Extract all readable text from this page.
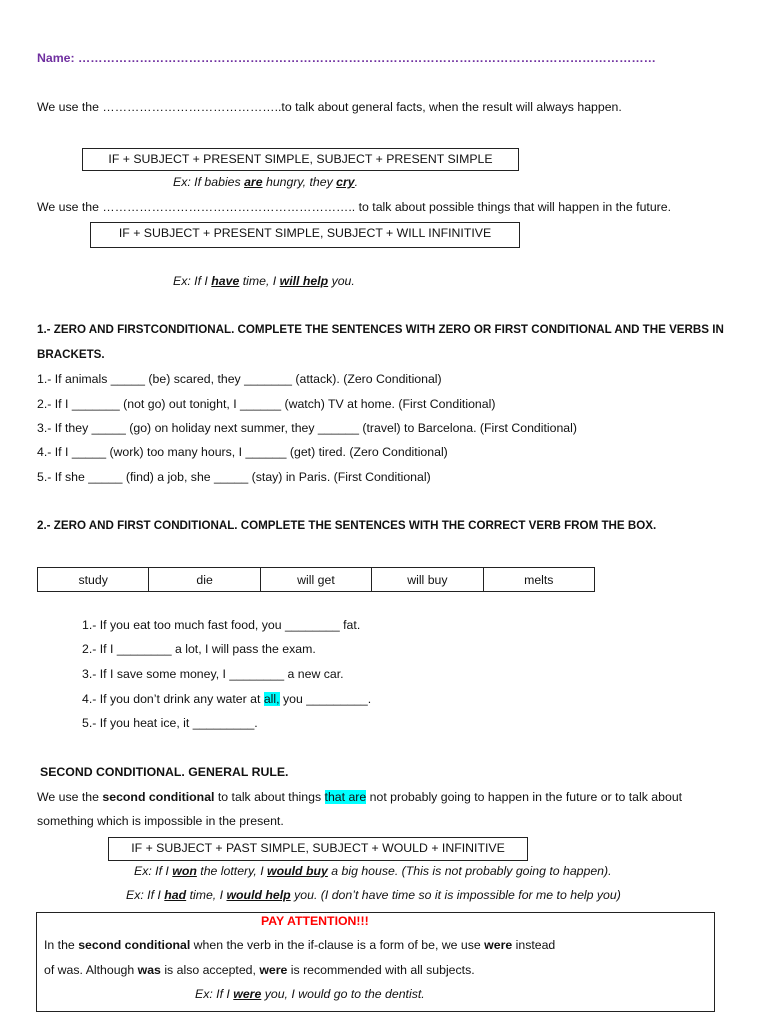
Name: ……………………………………………………………………………………………………………………………
We use the ……………………………………..to talk about general facts, when the result will always happen.
IF + SUBJECT + PRESENT SIMPLE, SUBJECT + PRESENT SIMPLE
Ex: If babies are hungry, they cry.
We use the …………………………………………………….. to talk about possible things that will happen in the future.
IF + SUBJECT + PRESENT SIMPLE, SUBJECT + WILL INFINITIVE
Ex: If I have time, I will help you.
1.- ZERO AND FIRSTCONDITIONAL. COMPLETE THE SENTENCES WITH ZERO OR FIRST CONDITIONAL AND THE VERBS IN
BRACKETS.
1.- If animals _____ (be) scared, they _______ (attack). (Zero Conditional)
2.- If I _______ (not go) out tonight, I ______ (watch) TV at home. (First Conditional)
3.- If they _____ (go) on holiday next summer, they ______ (travel) to Barcelona. (First Conditional)
4.- If I _____ (work) too many hours, I ______ (get) tired. (Zero Conditional)
5.- If she _____ (find) a job, she _____ (stay) in Paris. (First Conditional)
2.- ZERO AND FIRST CONDITIONAL. COMPLETE THE SENTENCES WITH THE CORRECT VERB FROM THE BOX.
study	die	will get	will buy	melts
1.- If you eat too much fast food, you ________ fat.
2.- If I ________ a lot, I will pass the exam.
3.- If I save some money, I ________ a new car.
4.- If you don’t drink any water at all, you _________.
5.- If you heat ice, it _________.
SECOND CONDITIONAL. GENERAL RULE.
We use the second conditional to talk about things that are not probably going to happen in the future or to talk about
something which is impossible in the present.
IF + SUBJECT + PAST SIMPLE, SUBJECT + WOULD + INFINITIVE
Ex: If I won the lottery, I would buy a big house. (This is not probably going to happen).
Ex: If I had time, I would help you. (I don’t have time so it is impossible for me to help you)
PAY ATTENTION!!!
In the second conditional when the verb in the if-clause is a form of be, we use were instead
of was. Although was is also accepted, were is recommended with all subjects.
Ex: If I were you, I would go to the dentist.
